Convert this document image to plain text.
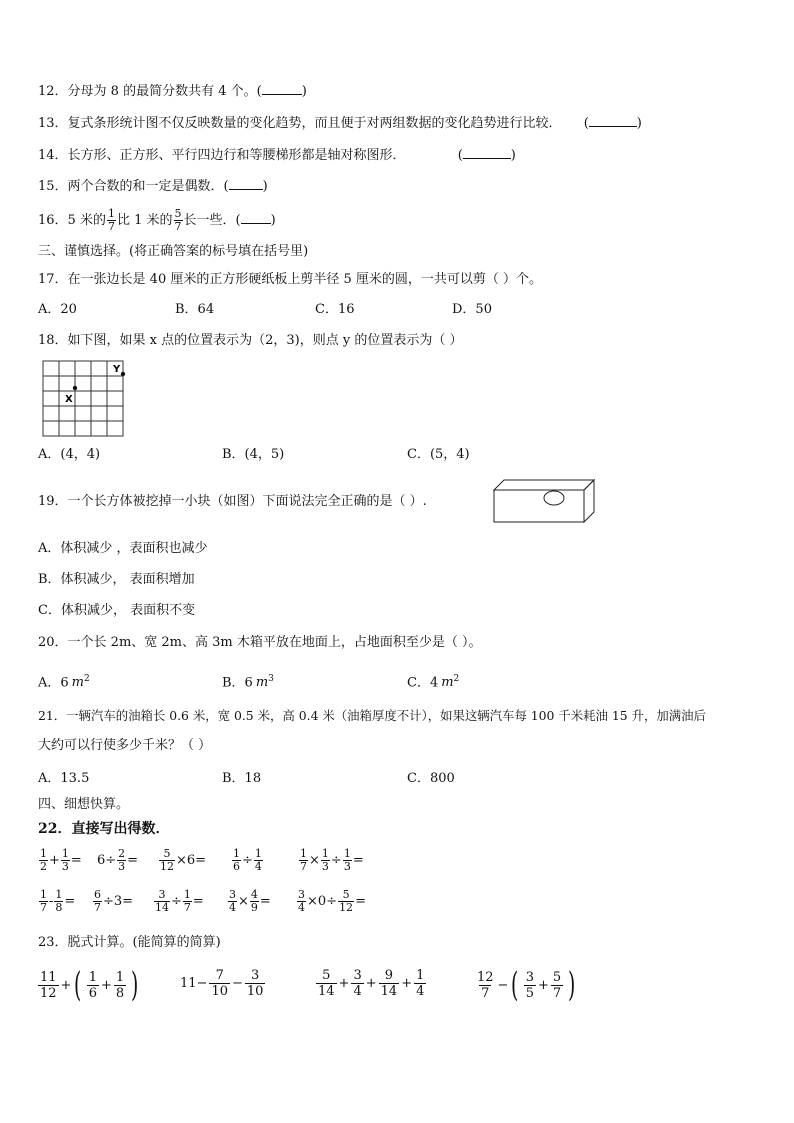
12．分母为 8 的最简分数共有 4 个。(	)
13．复式条形统计图不仅反映数量的变化趋势，而且便于对两组数据的变化趋势进行比较． (	)
14．长方形、正方形、平行四边行和等腰梯形都是轴对称图形．	(	)
15．两个合数的和一定是偶数．(	)
16．5 米的 $\frac{1}{7}$ 比 1 米的 $\frac{5}{7}$ 长一些．( )
三、谨慎选择。(将正确答案的标号填在括号里)
17．在一张边长是 40 厘米的正方形硬纸板上剪半径 5 厘米的圆，一共可以剪（ ）个。
A．20	B．64	C．16	D．50
18．如下图，如果 x 点的位置表示为（2，3)，则点 y 的位置表示为（ ）
X
Y
A．(4，4)	B．(4，5)	C．(5，4)
19．一个长方体被挖掉一小块（如图）下面说法完全正确的是（ ）.
A．体积减少 ，表面积也减少
B．体积减少， 表面积增加
C．体积减少， 表面积不变
20．一个长 2m、宽 2m、高 3m 木箱平放在地面上，占地面积至少是（ ）。
A．6 $m^2$	B．6 $m^3$	C．4 $m^2$
21．一辆汽车的油箱长 0.6 米，宽 0.5 米，高 0.4 米（油箱厚度不计），如果这辆汽车每 100 千米耗油 15 升，加满油后
大约可以行使多少千米？（ ）
A．13.5	B．18	C．800
四、细想快算。
22．直接写出得数．
$\frac{1}{2} + \frac{1}{3} = 6\div \frac{2}{3} = \frac{5}{12} \times 6= \frac{1}{6} \div \frac{1}{4}$	$\frac{1}{7} \times \frac{1}{3} \div \frac{1}{3}$ =
$\frac{1}{7} - \frac{1}{8} = \frac{6}{7} \div 3= \frac{3}{14} \div \frac{1}{7} = \frac{3}{4} \times \frac{4}{9} = \frac{3}{4} \times 0\div \frac{5}{12}$ =
23．脱式计算。(能简算的简算)
11
12
+ ( 1
6
+
1
8 )	11−
7
10
−
3
10
5
14
+
3
4
+
9
14
+
1
4
12
7
− ( 3
5
+
5
7 )
